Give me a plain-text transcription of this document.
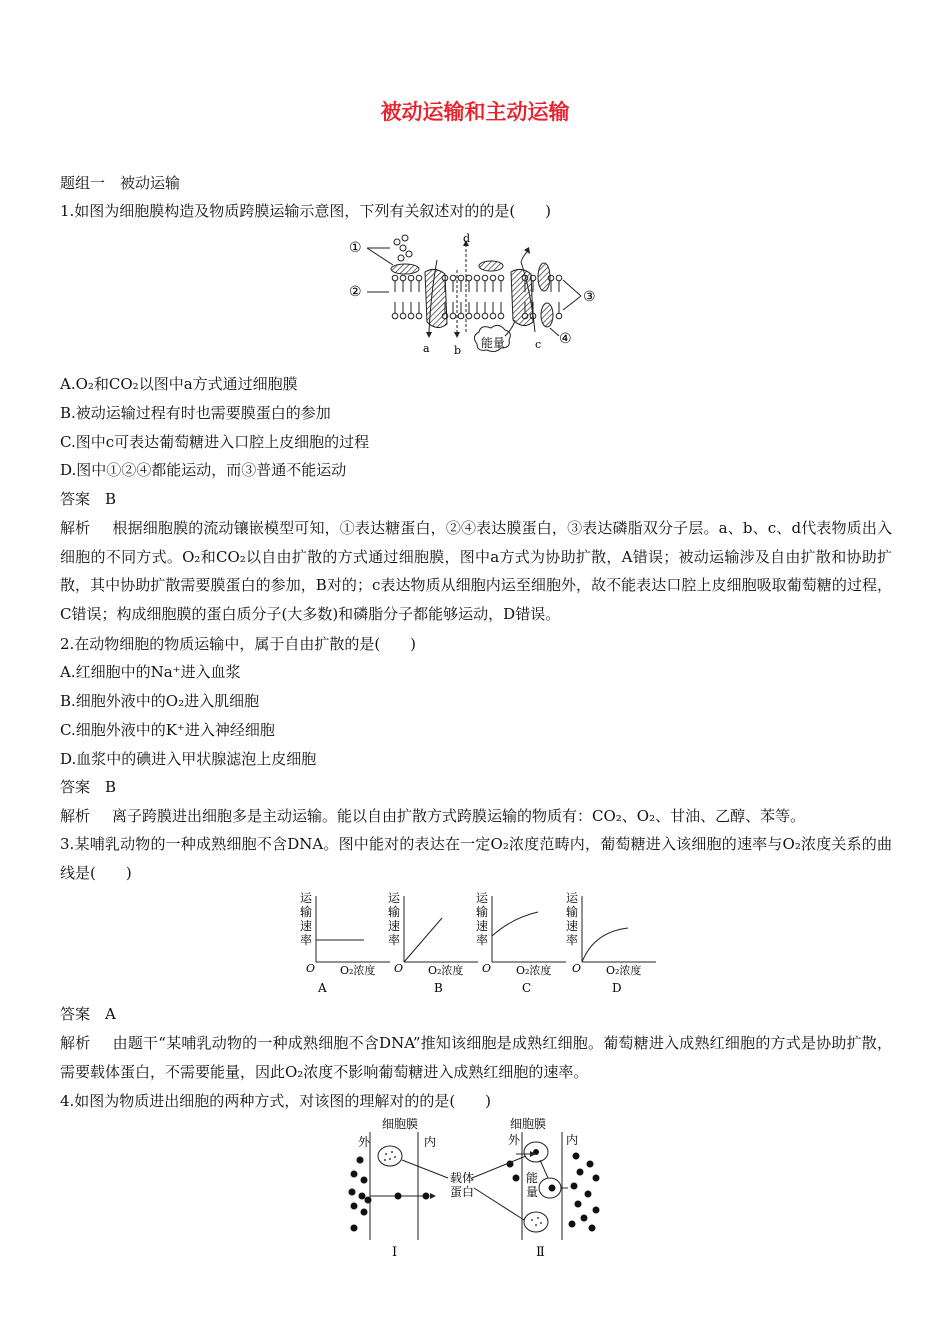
被动运输和主动运输
题组一　被动运输
1.如图为细胞膜构造及物质跨膜运输示意图，下列有关叙述对的的是(　　)
①
②	③
④
a b	c
d
能量
A.O₂和CO₂以图中a方式通过细胞膜
B.被动运输过程有时也需要膜蛋白的参加
C.图中c可表达葡萄糖进入口腔上皮细胞的过程
D.图中①②④都能运动，而③普通不能运动
答案　B
解析 根据细胞膜的流动镶嵌模型可知，①表达糖蛋白，②④表达膜蛋白，③表达磷脂双分子层。a、b、c、d代表物质出入细胞的不同方式。O₂和CO₂以自由扩散的方式通过细胞膜，图中a方式为协助扩散，A错误；被动运输涉及自由扩散和协助扩散，其中协助扩散需要膜蛋白的参加，B对的；c表达物质从细胞内运至细胞外，故不能表达口腔上皮细胞吸取葡萄糖的过程，C错误；构成细胞膜的蛋白质分子(大多数)和磷脂分子都能够运动，D错误。
2.在动物细胞的物质运输中，属于自由扩散的是(　　)
A.红细胞中的Na⁺进入血浆
B.细胞外液中的O₂进入肌细胞
C.细胞外液中的K⁺进入神经细胞
D.血浆中的碘进入甲状腺滤泡上皮细胞
答案　B
解析 离子跨膜进出细胞多是主动运输。能以自由扩散方式跨膜运输的物质有：CO₂、O₂、甘油、乙醇、苯等。
3.某哺乳动物的一种成熟细胞不含DNA。图中能对的表达在一定O₂浓度范畴内，葡萄糖进入该细胞的速率与O₂浓度关系的曲线是(　　)
运
输
速
率
O O₂浓度
A
运
输
速
率
O O₂浓度
B
运
输
速
率
O O₂浓度
C
运
输
速
率
O O₂浓度
D
答案　A
解析 由题干“某哺乳动物的一种成熟细胞不含DNA”推知该细胞是成熟红细胞。葡萄糖进入成熟红细胞的方式是协助扩散，需要载体蛋白，不需要能量，因此O₂浓度不影响葡萄糖进入成熟红细胞的速率。
4.如图为物质进出细胞的两种方式，对该图的理解对的的是(　　)
细胞膜
外	内
载体
蛋白
Ⅰ
细胞膜
外	内
能
量
Ⅱ
